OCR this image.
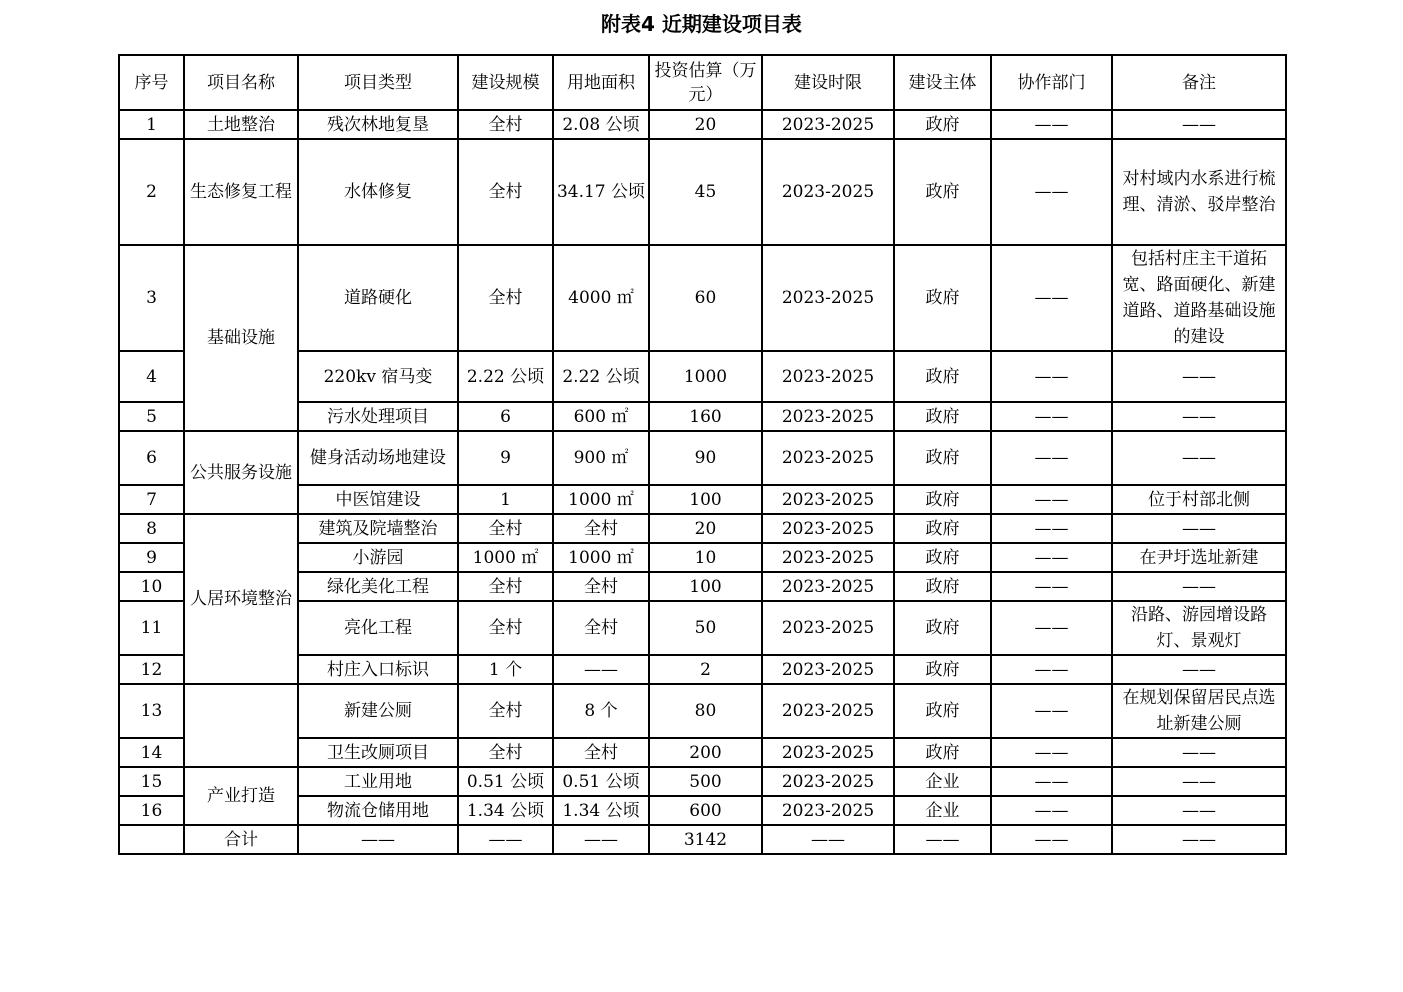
附表4 近期建设项目表
序号	项目名称	项目类型	建设规模	用地面积	投资估算（万元）	建设时限	建设主体	协作部门	备注
1	土地整治	残次林地复垦	全村	2.08 公顷	20	2023-2025	政府	——	——
2	生态修复工程	水体修复	全村	34.17 公顷	45	2023-2025	政府	——	对村域内水系进行梳理、清淤、驳岸整治
3	基础设施	道路硬化	全村	4000 ㎡	60	2023-2025	政府	——	包括村庄主干道拓宽、路面硬化、新建道路、道路基础设施的建设
4		220kv 宿马变	2.22 公顷	2.22 公顷	1000	2023-2025	政府	——	——
5		污水处理项目	6	600 ㎡	160	2023-2025	政府	——	——
6	公共服务设施	健身活动场地建设	9	900 ㎡	90	2023-2025	政府	——	——
7		中医馆建设	1	1000 ㎡	100	2023-2025	政府	——	位于村部北侧
8	人居环境整治	建筑及院墙整治	全村	全村	20	2023-2025	政府	——	——
9		小游园	1000 ㎡	1000 ㎡	10	2023-2025	政府	——	在尹圩选址新建
10		绿化美化工程	全村	全村	100	2023-2025	政府	——	——
11		亮化工程	全村	全村	50	2023-2025	政府	——	沿路、游园增设路灯、景观灯
12		村庄入口标识	1 个	——	2	2023-2025	政府	——	——
13		新建公厕	全村	8 个	80	2023-2025	政府	——	在规划保留居民点选址新建公厕
14		卫生改厕项目	全村	全村	200	2023-2025	政府	——	——
15	产业打造	工业用地	0.51 公顷	0.51 公顷	500	2023-2025	企业	——	——
16		物流仓储用地	1.34 公顷	1.34 公顷	600	2023-2025	企业	——	——
	合计	——	——	——	3142	——	——	——	——
